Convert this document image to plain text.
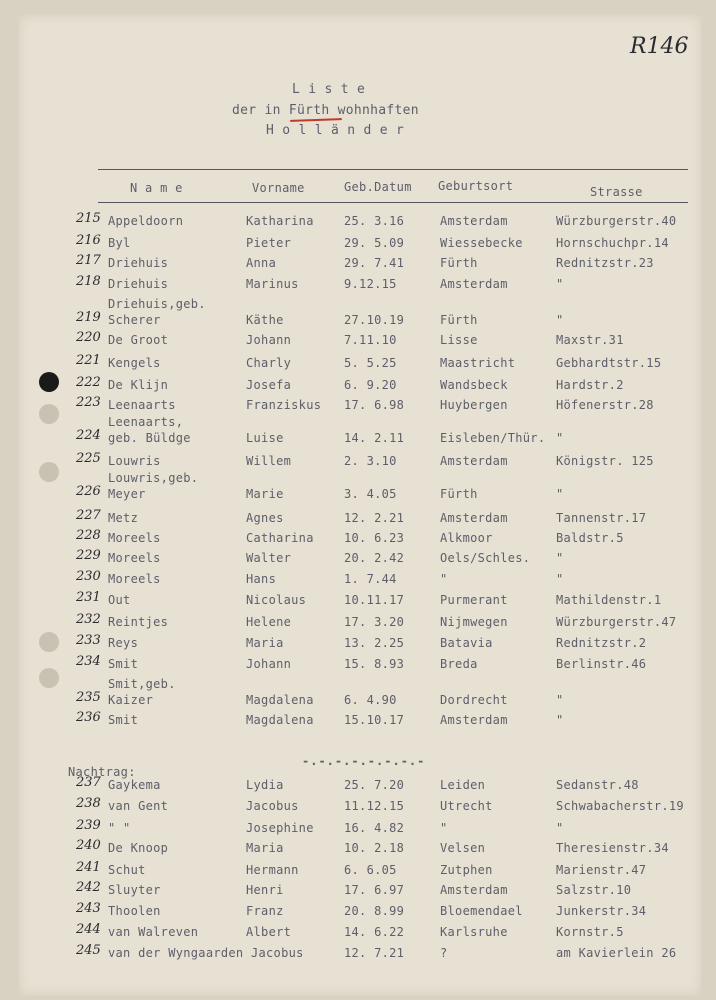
R146
L i s t e
der in Fürth wohnhaften
H o l l ä n d e r
N a m e	Vorname	Geb.Datum Geburtsort	Strasse
-.-.-.-.-.-.-.-
Nachtrag:
215 Appeldoorn	Katharina	25. 3.16	Amsterdam	Würzburgerstr.40
216 Byl	Pieter	29. 5.09	Wiessebecke	Hornschuchpr.14
217 Driehuis	Anna	29. 7.41	Fürth	Rednitzstr.23
218 Driehuis	Marinus	9.12.15	Amsterdam	"
219
Driehuis,geb.
Scherer	Käthe	27.10.19	Fürth	"
220 De Groot	Johann	7.11.10	Lisse	Maxstr.31
221 Kengels	Charly	5. 5.25	Maastricht	Gebhardtstr.15
222 De Klijn	Josefa	6. 9.20	Wandsbeck	Hardstr.2
223 Leenaarts	Franziskus 17. 6.98	Huybergen	Höfenerstr.28
224
Leenaarts,
geb. Büldge	Luise	14. 2.11	Eisleben/Thür. "
225 Louwris	Willem	2. 3.10	Amsterdam	Königstr. 125
226
Louwris,geb.
Meyer	Marie	3. 4.05	Fürth	"
227 Metz	Agnes	12. 2.21	Amsterdam	Tannenstr.17
228 Moreels	Catharina	10. 6.23	Alkmoor	Baldstr.5
229 Moreels	Walter	20. 2.42	Oels/Schles. "
230 Moreels	Hans	1. 7.44	"	"
231 Out	Nicolaus	10.11.17	Purmerant	Mathildenstr.1
232 Reintjes	Helene	17. 3.20	Nijmwegen	Würzburgerstr.47
233 Reys	Maria	13. 2.25	Batavia	Rednitzstr.2
234 Smit	Johann	15. 8.93	Breda	Berlinstr.46
235
Smit,geb.
Kaizer	Magdalena	6. 4.90	Dordrecht	"
236 Smit	Magdalena	15.10.17	Amsterdam	"
237 Gaykema	Lydia	25. 7.20	Leiden	Sedanstr.48
238 van Gent	Jacobus	11.12.15	Utrecht	Schwabacherstr.19
239 " "	Josephine	16. 4.82	"	"
240 De Knoop	Maria	10. 2.18	Velsen	Theresienstr.34
241 Schut	Hermann	6. 6.05	Zutphen	Marienstr.47
242 Sluyter	Henri	17. 6.97	Amsterdam	Salzstr.10
243 Thoolen	Franz	20. 8.99	Bloemendael	Junkerstr.34
244 van Walreven	Albert	14. 6.22	Karlsruhe	Kornstr.5
245 van der Wyngaarden Jacobus	12. 7.21	?	am Kavierlein 26
